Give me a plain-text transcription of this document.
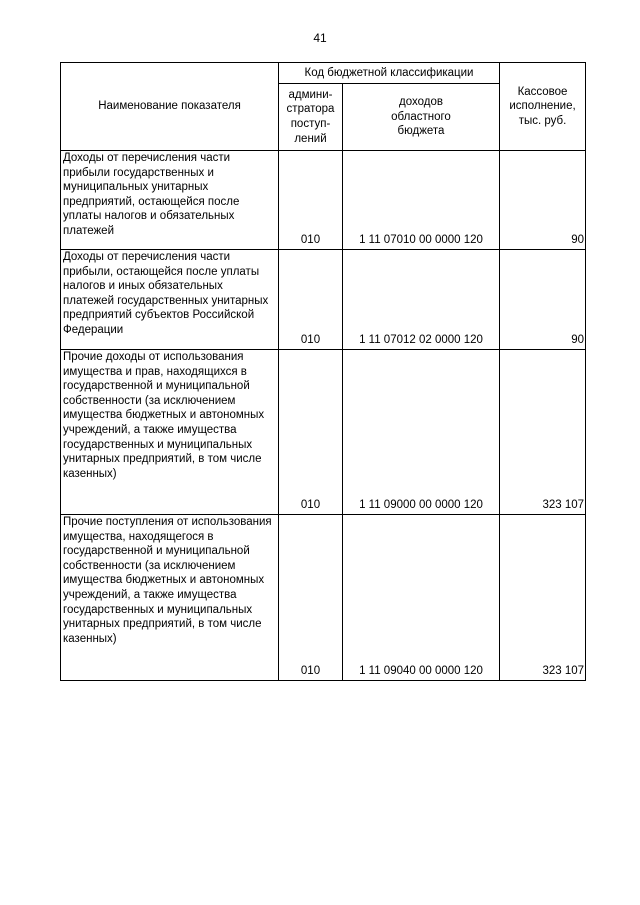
41
Наименование показателя	Код бюджетной классификации		Кассовое
исполнение,
тыс. руб.

	админи-
стратора
поступ-
лений	доходов
областного
бюджета	

Доходы от перечисления части прибыли государственных и муниципальных унитарных предприятий, остающейся после уплаты налогов и обязательных платежей	010	1 11 07010 00 0000 120	90

Доходы от перечисления части прибыли, остающейся после уплаты налогов и иных обязательных платежей государственных унитарных предприятий субъектов Российской Федерации	010	1 11 07012 02 0000 120	90

Прочие доходы от использования имущества и прав, находящихся в государственной и муниципальной собственности (за исключением имущества бюджетных и автономных учреждений, а также имущества государственных и муниципальных унитарных предприятий, в том числе казенных)	010	1 11 09000 00 0000 120	323 107

Прочие поступления от использования имущества, находящегося в государственной и муниципальной собственности (за исключением имущества бюджетных и автономных учреждений, а также имущества государственных и муниципальных унитарных предприятий, в том числе казенных)	010	1 11 09040 00 0000 120	323 107
